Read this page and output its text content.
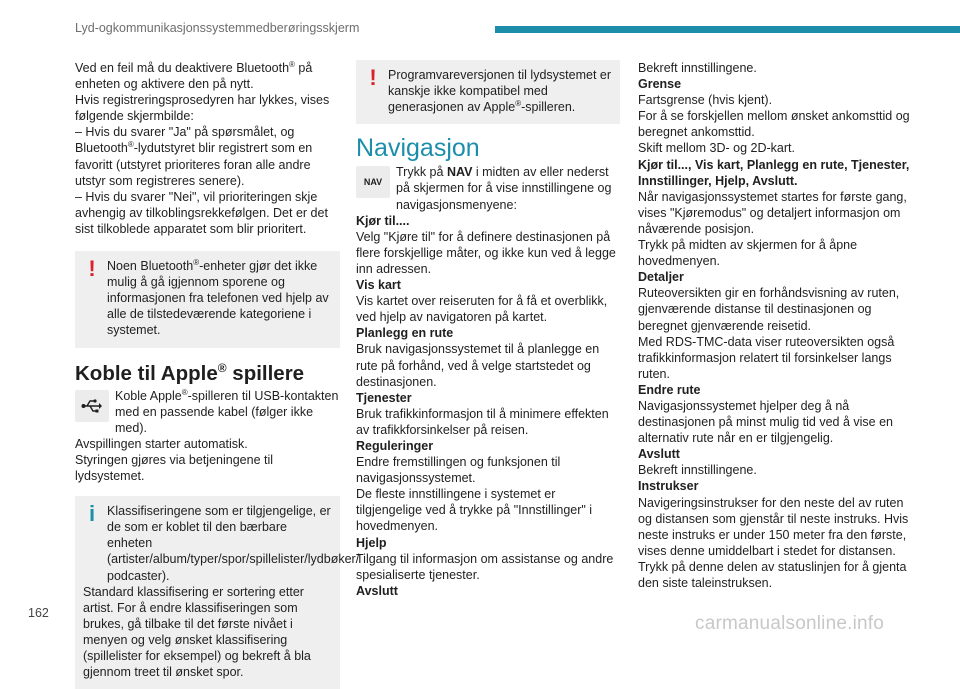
Lyd-ogkommunikasjonssystemmedberøringsskjerm

Ved en feil må du deaktivere Bluetooth® på enheten og aktivere den på nytt.

Hvis registreringsprosedyren har lykkes, vises følgende skjermbilde:

– Hvis du svarer "Ja" på spørsmålet, og Bluetooth®-lydutstyret blir registrert som en favoritt (utstyret prioriteres foran alle andre utstyr som registreres senere).

– Hvis du svarer "Nei", vil prioriteringen skje avhengig av tilkoblingsrekkefølgen. Det er det sist tilkoblede apparatet som blir prioritert.

! Noen Bluetooth®-enheter gjør det ikke mulig å gå igjennom sporene og informasjonen fra telefonen ved hjelp av alle de tilstedeværende kategoriene i systemet.

Koble til Apple® spillere

Koble Apple®-spilleren til USB-kontakten med en passende kabel (følger ikke med).

Avspillingen starter automatisk.

Styringen gjøres via betjeningene til lydsystemet.

i Klassifiseringene som er tilgjengelige, er de som er koblet til den bærbare enheten (artister/album/typer/spor/spillelister/lydbøker/ podcaster).

Standard klassifisering er sortering etter artist. For å endre klassifiseringen som brukes, gå tilbake til det første nivået i menyen og velg ønsket klassifisering (spillelister for eksempel) og bekreft å bla gjennom treet til ønsket spor.

! Programvareversjonen til lydsystemet er kanskje ikke kompatibel med generasjonen av Apple®-spilleren.

Navigasjon
NAV

Trykk på NAV i midten av eller nederst på skjermen for å vise innstillingene og navigasjonsmenyene:

Kjør til....

Velg "Kjøre til" for å definere destinasjonen på flere forskjellige måter, og ikke kun ved å legge inn adressen.

Vis kart

Vis kartet over reiseruten for å få et overblikk, ved hjelp av navigatoren på kartet.

Planlegg en rute

Bruk navigasjonssystemet til å planlegge en rute på forhånd, ved å velge startstedet og destinasjonen.

Tjenester

Bruk trafikkinformasjon til å minimere effekten av trafikkforsinkelser på reisen.

Reguleringer

Endre fremstillingen og funksjonen til navigasjonssystemet.

De fleste innstillingene i systemet er tilgjengelige ved å trykke på "Innstillinger" i hovedmenyen.

Hjelp

Tilgang til informasjon om assistanse og andre spesialiserte tjenester.

Avslutt

Bekreft innstillingene.

Grense

Fartsgrense (hvis kjent).

For å se forskjellen mellom ønsket ankomsttid og beregnet ankomsttid.

Skift mellom 3D- og 2D-kart.

Kjør til..., Vis kart, Planlegg en rute, Tjenester, Innstillinger, Hjelp, Avslutt.

Når navigasjonssystemet startes for første gang, vises "Kjøremodus" og detaljert informasjon om nåværende posisjon.

Trykk på midten av skjermen for å åpne hovedmenyen.

Detaljer

Ruteoversikten gir en forhåndsvisning av ruten, gjenværende distanse til destinasjonen og beregnet gjenværende reisetid.

Med RDS-TMC-data viser ruteoversikten også trafikkinformasjon relatert til forsinkelser langs ruten.

Endre rute

Navigasjonssystemet hjelper deg å nå destinasjonen på minst mulig tid ved å vise en alternativ rute når en er tilgjengelig.

Avslutt

Bekreft innstillingene.

Instrukser

Navigeringsinstrukser for den neste del av ruten og distansen som gjenstår til neste instruks. Hvis neste instruks er under 150 meter fra den første, vises denne umiddelbart i stedet for distansen.

Trykk på denne delen av statuslinjen for å gjenta den siste taleinstruksen.

162	carmanualsonline.info
